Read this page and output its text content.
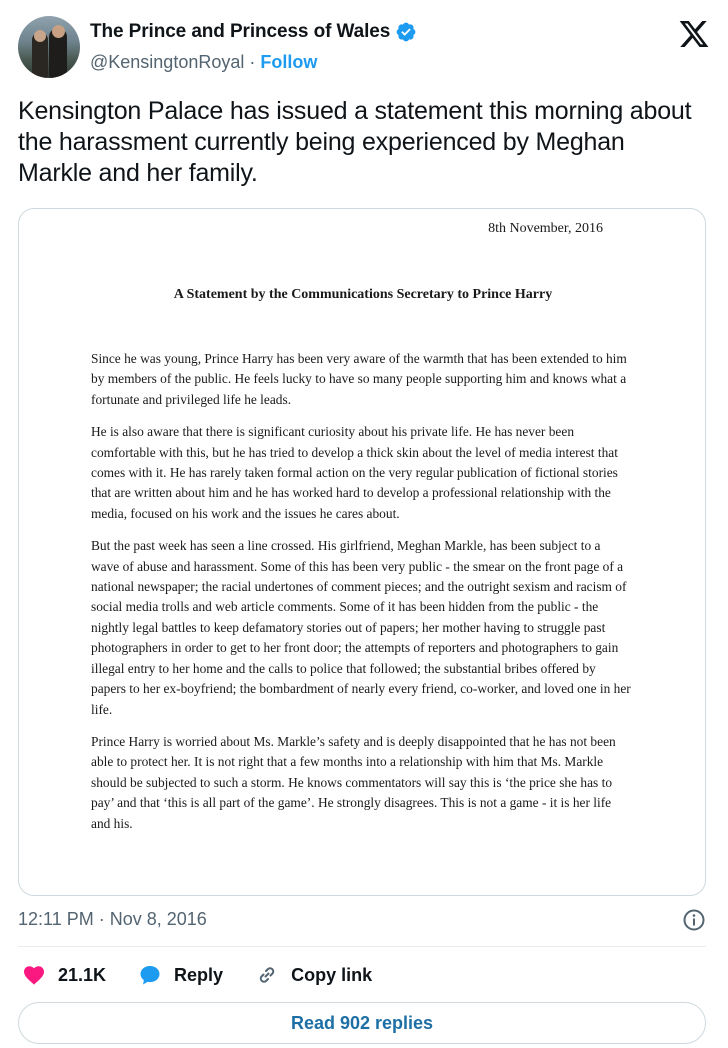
The Prince and Princess of Wales
@KensingtonRoyal · Follow
Kensington Palace has issued a statement this morning about the harassment currently being experienced by Meghan Markle and her family.
8th November, 2016
A Statement by the Communications Secretary to Prince Harry

Since he was young, Prince Harry has been very aware of the warmth that has been extended to him by members of the public. He feels lucky to have so many people supporting him and knows what a fortunate and privileged life he leads.

He is also aware that there is significant curiosity about his private life. He has never been comfortable with this, but he has tried to develop a thick skin about the level of media interest that comes with it. He has rarely taken formal action on the very regular publication of fictional stories that are written about him and he has worked hard to develop a professional relationship with the media, focused on his work and the issues he cares about.

But the past week has seen a line crossed. His girlfriend, Meghan Markle, has been subject to a wave of abuse and harassment. Some of this has been very public - the smear on the front page of a national newspaper; the racial undertones of comment pieces; and the outright sexism and racism of social media trolls and web article comments. Some of it has been hidden from the public - the nightly legal battles to keep defamatory stories out of papers; her mother having to struggle past photographers in order to get to her front door; the attempts of reporters and photographers to gain illegal entry to her home and the calls to police that followed; the substantial bribes offered by papers to her ex-boyfriend; the bombardment of nearly every friend, co-worker, and loved one in her life.

Prince Harry is worried about Ms. Markle’s safety and is deeply disappointed that he has not been able to protect her. It is not right that a few months into a relationship with him that Ms. Markle should be subjected to such a storm. He knows commentators will say this is ‘the price she has to pay’ and that ‘this is all part of the game’. He strongly disagrees. This is not a game - it is her life and his.

12:11 PM · Nov 8, 2016
21.1K	Reply	Copy link
Read 902 replies
